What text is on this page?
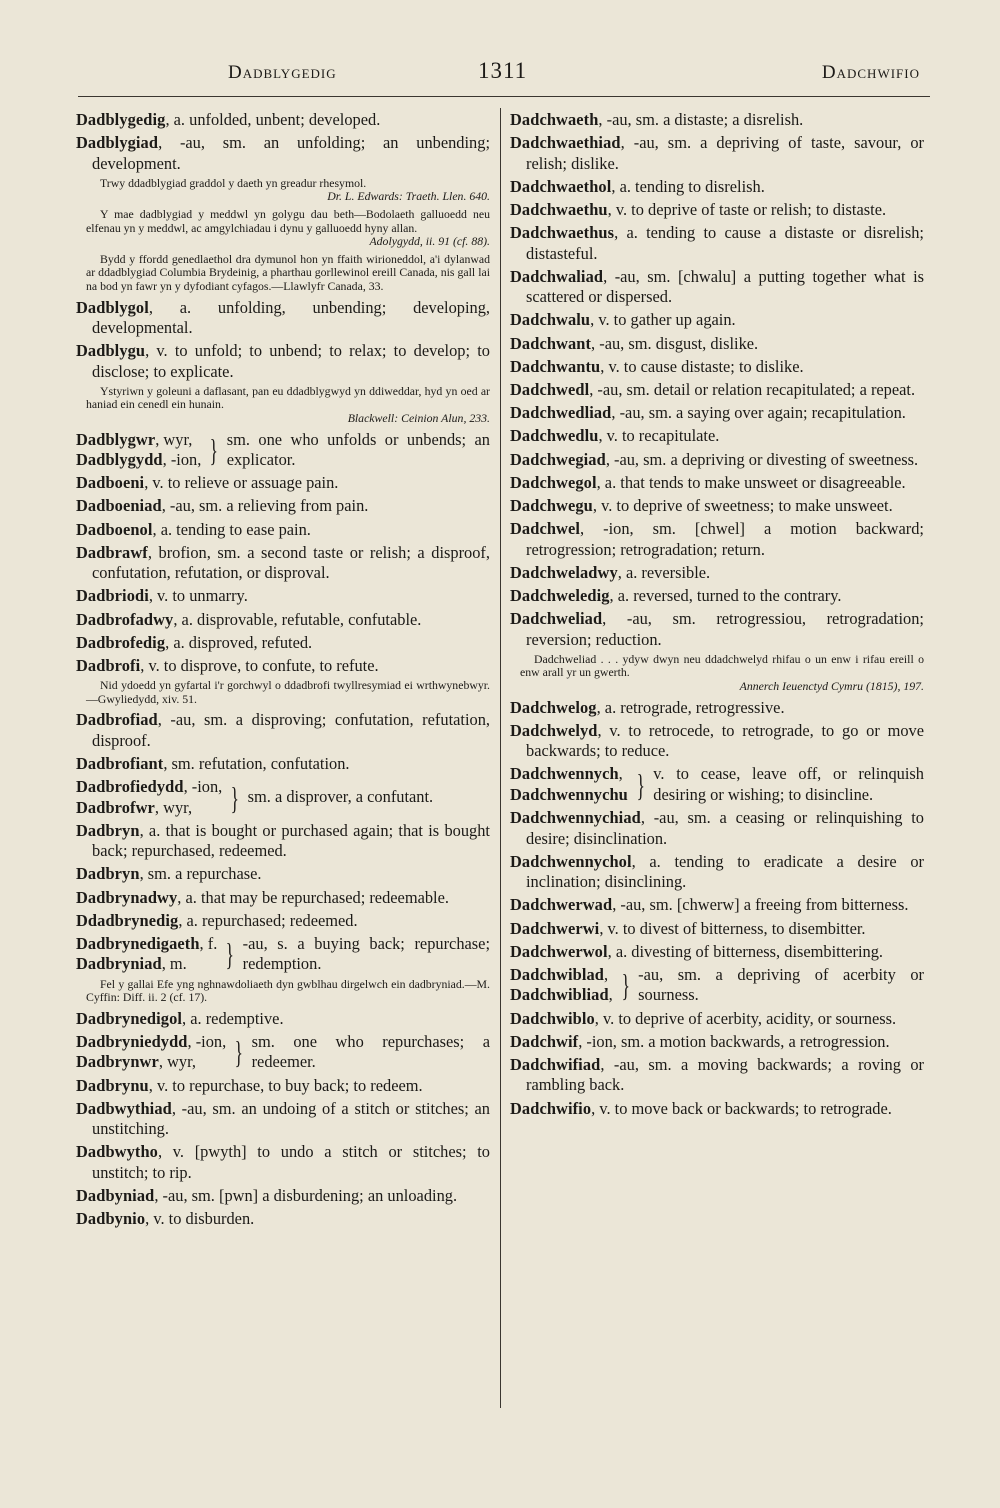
Dadblygedig	1311	Dadchwifio
Dadblygedig, a. unfolded, unbent; developed.
Dadblygiad, -au, sm. an unfolding; an unbending; development.
Trwy ddadblygiad graddol y daeth yn greadur rhesymol.
Dr. L. Edwards: Traeth. Llen. 640.
Y mae dadblygiad y meddwl yn golygu dau beth—Bodolaeth galluoedd neu elfenau yn y meddwl, ac amgylchiadau i dynu y galluoedd hyny allan.
Adolygydd, ii. 91 (cf. 88).
Bydd y ffordd genedlaethol dra dymunol hon yn ffaith wirioneddol, a'i dylanwad ar ddadblygiad Columbia Brydeinig, a pharthau gorllewinol ereill Canada, nis gall lai na bod yn fawr yn y dyfodiant cyfagos.—Llawlyfr Canada, 33.
Dadblygol, a. unfolding, unbending; developing, developmental.
Dadblygu, v. to unfold; to unbend; to relax; to develop; to disclose; to explicate.
Ystyriwn y goleuni a daflasant, pan eu ddadblygwyd yn ddiweddar, hyd yn oed ar haniad ein cenedl ein hunain.
Blackwell: Ceinion Alun, 233.
Dadblygwr, wyr,
Dadblygydd, -ion, } sm. one who unfolds or unbends; an explicator.
Dadboeni, v. to relieve or assuage pain.
Dadboeniad, -au, sm. a relieving from pain.
Dadboenol, a. tending to ease pain.
Dadbrawf, brofion, sm. a second taste or relish; a disproof, confutation, refutation, or disproval.
Dadbriodi, v. to unmarry.
Dadbrofadwy, a. disprovable, refutable, confutable.
Dadbrofedig, a. disproved, refuted.
Dadbrofi, v. to disprove, to confute, to refute.
Nid ydoedd yn gyfartal i'r gorchwyl o ddadbrofi twyllresymiad ei wrthwynebwyr.—Gwyliedydd, xiv. 51.
Dadbrofiad, -au, sm. a disproving; confutation, refutation, disproof.
Dadbrofiant, sm. refutation, confutation.
Dadbrofiedydd, -ion,
Dadbrofwr, wyr,	} sm. a disprover, a confutant.
Dadbryn, a. that is bought or purchased again; that is bought back; repurchased, redeemed.
Dadbryn, sm. a repurchase.
Dadbrynadwy, a. that may be repurchased; redeemable.
Ddadbrynedig, a. repurchased; redeemed.
Dadbrynedigaeth, f.
Dadbryniad, m.	} -au, s. a buying back; repurchase; redemption.
Fel y gallai Efe yng nghnawdoliaeth dyn gwblhau dirgelwch ein dadbryniad.—M. Cyffin: Diff. ii. 2 (cf. 17).
Dadbrynedigol, a. redemptive.
Dadbryniedydd, -ion,
Dadbrynwr, wyr,	} sm. one who repurchases; a redeemer.
Dadbrynu, v. to repurchase, to buy back; to redeem.
Dadbwythiad, -au, sm. an undoing of a stitch or stitches; an unstitching.
Dadbwytho, v. [pwyth] to undo a stitch or stitches; to unstitch; to rip.
Dadbyniad, -au, sm. [pwn] a disburdening; an unloading.
Dadbynio, v. to disburden.
Dadchwaeth, -au, sm. a distaste; a disrelish.
Dadchwaethiad, -au, sm. a depriving of taste, savour, or relish; dislike.
Dadchwaethol, a. tending to disrelish.
Dadchwaethu, v. to deprive of taste or relish; to distaste.
Dadchwaethus, a. tending to cause a distaste or disrelish; distasteful.
Dadchwaliad, -au, sm. [chwalu] a putting together what is scattered or dispersed.
Dadchwalu, v. to gather up again.
Dadchwant, -au, sm. disgust, dislike.
Dadchwantu, v. to cause distaste; to dislike.
Dadchwedl, -au, sm. detail or relation recapitulated; a repeat.
Dadchwedliad, -au, sm. a saying over again; recapitulation.
Dadchwedlu, v. to recapitulate.
Dadchwegiad, -au, sm. a depriving or divesting of sweetness.
Dadchwegol, a. that tends to make unsweet or disagreeable.
Dadchwegu, v. to deprive of sweetness; to make unsweet.
Dadchwel, -ion, sm. [chwel] a motion backward; retrogression; retrogradation; return.
Dadchweladwy, a. reversible.
Dadchweledig, a. reversed, turned to the contrary.
Dadchweliad, -au, sm. retrogressiou, retrogradation; reversion; reduction.
Dadchweliad . . . ydyw dwyn neu ddadchwelyd rhifau o un enw i rifau ereill o enw arall yr un gwerth.
Annerch Ieuenctyd Cymru (1815), 197.
Dadchwelog, a. retrograde, retrogressive.
Dadchwelyd, v. to retrocede, to retrograde, to go or move backwards; to reduce.
Dadchwennych,
Dadchwennychu } v. to cease, leave off, or relinquish desiring or wishing; to disincline.
Dadchwennychiad, -au, sm. a ceasing or relinquishing to desire; disinclination.
Dadchwennychol, a. tending to eradicate a desire or inclination; disinclining.
Dadchwerwad, -au, sm. [chwerw] a freeing from bitterness.
Dadchwerwi, v. to divest of bitterness, to disembitter.
Dadchwerwol, a. divesting of bitterness, disembittering.
Dadchwiblad,
Dadchwibliad, } -au, sm. a depriving of acerbity or sourness.
Dadchwiblo, v. to deprive of acerbity, acidity, or sourness.
Dadchwif, -ion, sm. a motion backwards, a retrogression.
Dadchwifiad, -au, sm. a moving backwards; a roving or rambling back.
Dadchwifio, v. to move back or backwards; to retrograde.
